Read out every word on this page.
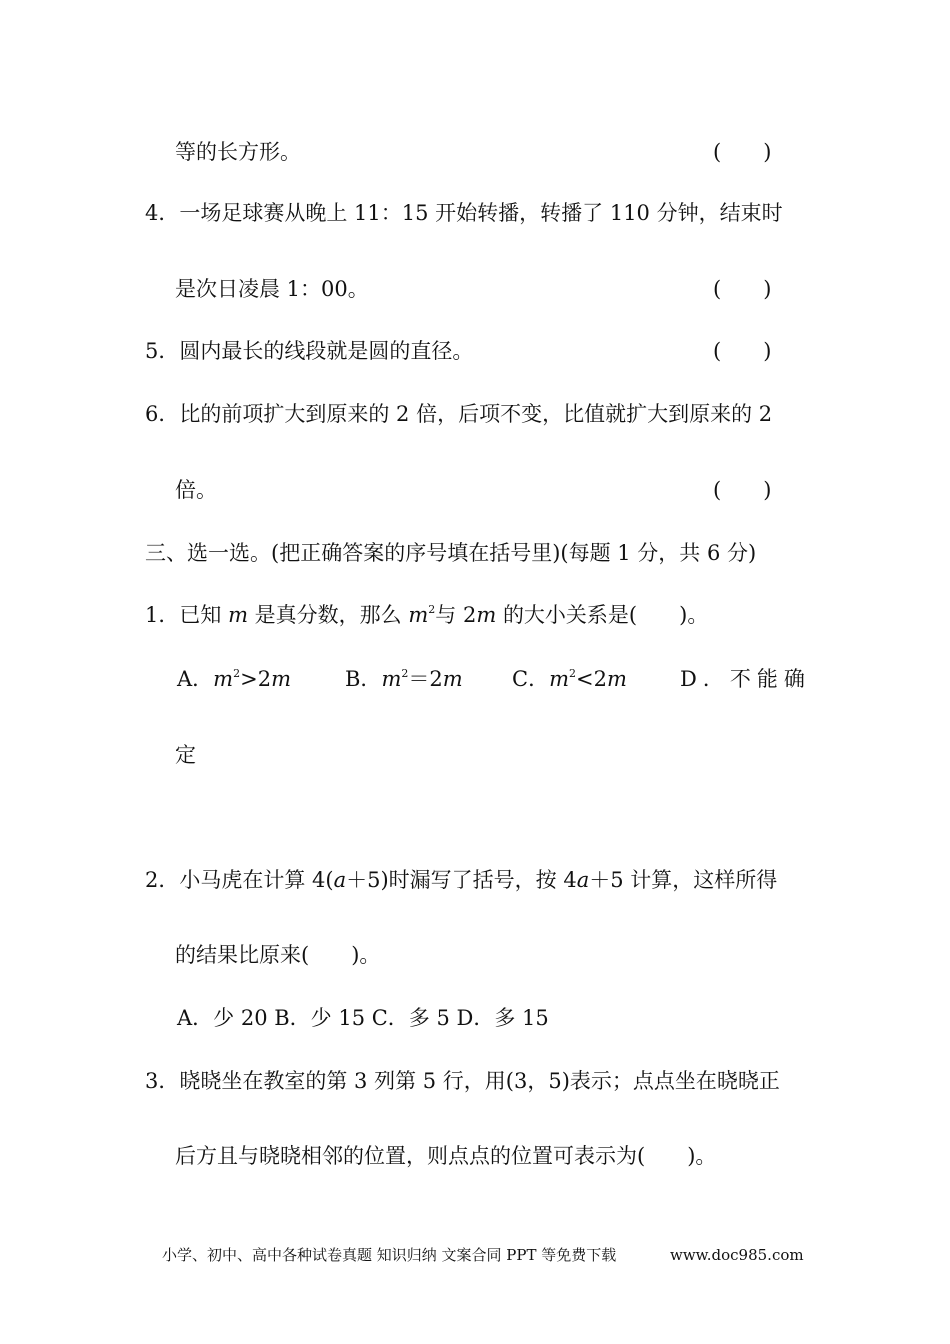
等的长方形。	(　　)
4．一场足球赛从晚上 11：15 开始转播，转播了 110 分钟，结束时
是次日凌晨 1：00。	(　　)
5．圆内最长的线段就是圆的直径。	(　　)
6．比的前项扩大到原来的 2 倍，后项不变，比值就扩大到原来的 2
倍。	(　　)
三、选一选。(把正确答案的序号填在括号里)(每题 1 分，共 6 分)
1．已知 m 是真分数，那么 $m^2$与 2m 的大小关系是(　　)。
A．$m^2>2m$	B．$m^2=2m$ C．$m^2<2m$	D．不能确
定
2．小马虎在计算 4(a＋5)时漏写了括号，按 4a＋5 计算，这样所得
的结果比原来(　　)。
A．少 20 B．少 15 C．多 5 D．多 15
3．晓晓坐在教室的第 3 列第 5 行，用(3，5)表示；点点坐在晓晓正
后方且与晓晓相邻的位置，则点点的位置可表示为(　　)。
小学、初中、高中各种试卷真题 知识归纳 文案合同 PPT 等免费下载	www.doc985.com
